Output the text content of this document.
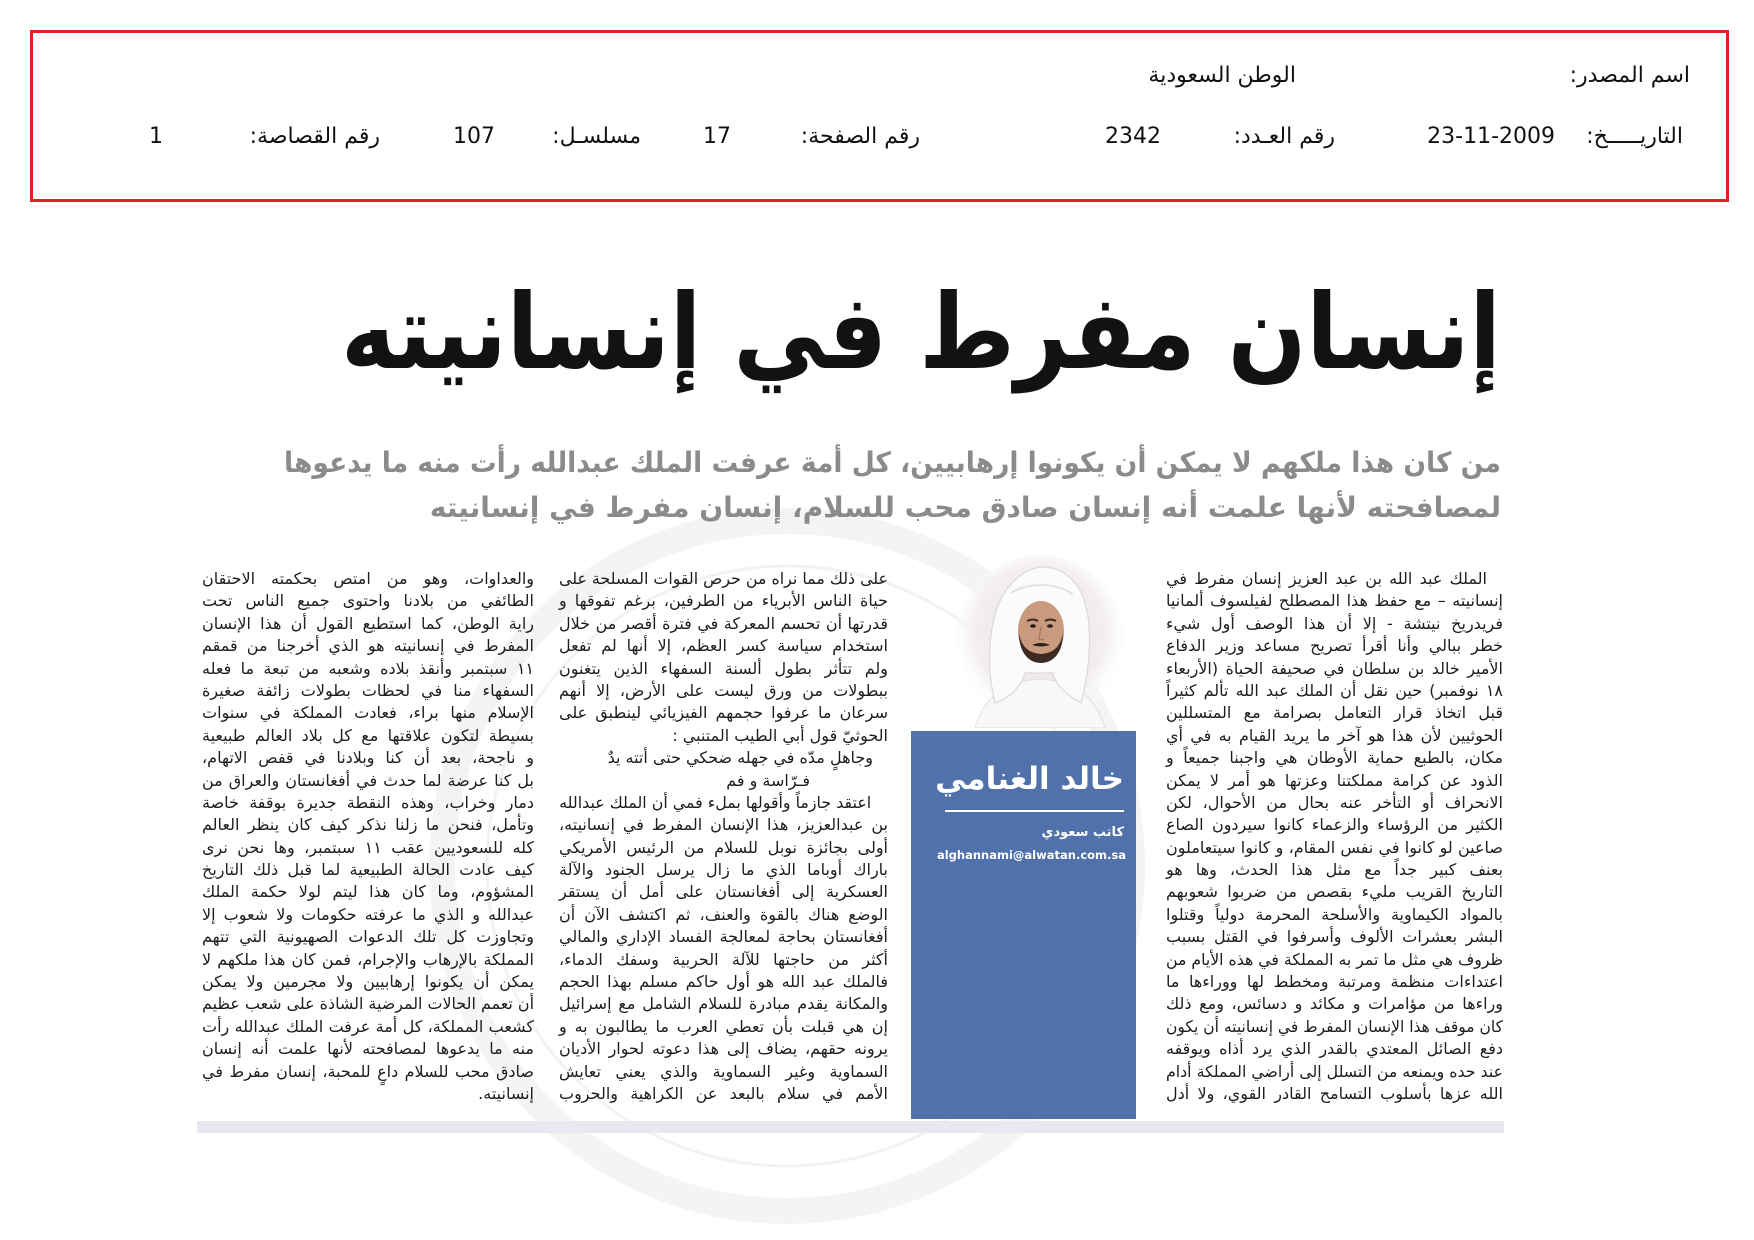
اسم المصدر:
الوطن السعودية
التاريـــــخ:
23-11-2009
رقم العـدد:
2342
رقم الصفحة:
17
مسلسـل:
107
رقم القصاصة:
1
إنسان مفرط في إنسانيته
من كان هذا ملكهم لا يمكن أن يكونوا إرهابيين، كل أمة عرفت الملك عبدالله رأت منه ما يدعوها
لمصافحته لأنها علمت أنه إنسان صادق محب للسلام، إنسان مفرط في إنسانيته
الملك عبد الله بن عبد العزيز إنسان مفرط في
إنسانيته – مع حفظ هذا المصطلح لفيلسوف ألمانيا
فريدريخ نيتشة - إلا أن هذا الوصف أول شيء
خطر ببالي وأنا أقرأ تصريح مساعد وزير الدفاع
الأمير خالد بن سلطان في صحيفة الحياة (الأربعاء
١٨ نوفمبر) حين نقل أن الملك عبد الله تألم كثيراً
قبل اتخاذ قرار التعامل بصرامة مع المتسللين
الحوثيين لأن هذا هو آخر ما يريد القيام به في أي
مكان، بالطبع حماية الأوطان هي واجبنا جميعاً و
الذود عن كرامة مملكتنا وعزتها هو أمر لا يمكن
الانحراف أو التأخر عنه بحال من الأحوال، لكن
الكثير من الرؤساء والزعماء كانوا سيردون الصاع
صاعين لو كانوا في نفس المقام، و كانوا سيتعاملون
بعنف كبير جداً مع مثل هذا الحدث، وها هو
التاريخ القريب مليء بقصص من ضربوا شعوبهم
بالمواد الكيماوية والأسلحة المحرمة دولياً وقتلوا
البشر بعشرات الألوف وأسرفوا في القتل بسبب
ظروف هي مثل ما تمر به المملكة في هذه الأيام من
اعتداءات منظمة ومرتبة ومخطط لها ووراءها ما
وراءها من مؤامرات و مكائد و دسائس، ومع ذلك
كان موقف هذا الإنسان المفرط في إنسانيته أن يكون
دفع الصائل المعتدي بالقدر الذي يرد أذاه ويوقفه
عند حده ويمنعه من التسلل إلى أراضي المملكة أدام
الله عزها بأسلوب التسامح القادر القوي، ولا أدل
على ذلك مما نراه من حرص القوات المسلحة على
حياة الناس الأبرياء من الطرفين، برغم تفوقها و
قدرتها أن تحسم المعركة في فترة أقصر من خلال
استخدام سياسة كسر العظم، إلا أنها لم تفعل
ولم تتأثر بطول ألسنة السفهاء الذين يتغنون
ببطولات من ورق ليست على الأرض، إلا أنهم
سرعان ما عرفوا حجمهم الفيزيائي لينطبق على
الحوثيّ قول أبي الطيب المتنبي :
وجاهلٍ مدّه في جهله ضحكي حتى أتته يدٌ
فـرّاسة و فم
اعتقد جازماً وأقولها بملء فمي أن الملك عبدالله
بن عبدالعزيز، هذا الإنسان المفرط في إنسانيته،
أولى بجائزة نوبل للسلام من الرئيس الأمريكي
باراك أوباما الذي ما زال يرسل الجنود والآلة
العسكرية إلى أفغانستان على أمل أن يستقر
الوضع هناك بالقوة والعنف، ثم اكتشف الآن أن
أفغانستان بحاجة لمعالجة الفساد الإداري والمالي
أكثر من حاجتها للآلة الحربية وسفك الدماء،
فالملك عبد الله هو أول حاكم مسلم بهذا الحجم
والمكانة يقدم مبادرة للسلام الشامل مع إسرائيل
إن هي قبلت بأن تعطي العرب ما يطالبون به و
يرونه حقهم، يضاف إلى هذا دعوته لحوار الأديان
السماوية وغير السماوية والذي يعني تعايش
الأمم في سلام بالبعد عن الكراهية والحروب
والعداوات، وهو من امتص بحكمته الاحتقان
الطائفي من بلادنا واحتوى جميع الناس تحت
راية الوطن، كما استطيع القول أن هذا الإنسان
المفرط في إنسانيته هو الذي أخرجنا من قمقم
١١ سبتمبر وأنقذ بلاده وشعبه من تبعة ما فعله
السفهاء منا في لحظات بطولات زائفة صغيرة
الإسلام منها براء، فعادت المملكة في سنوات
بسيطة لتكون علاقتها مع كل بلاد العالم طبيعية
و ناجحة، بعد أن كنا وبلادنا في قفص الاتهام،
بل كنا عرضة لما حدث في أفغانستان والعراق من
دمار وخراب، وهذه النقطة جديرة بوقفة خاصة
وتأمل، فنحن ما زلنا نذكر كيف كان ينظر العالم
كله للسعوديين عقب ١١ سبتمبر، وها نحن نرى
كيف عادت الحالة الطبيعية لما قبل ذلك التاريخ
المشؤوم، وما كان هذا ليتم لولا حكمة الملك
عبدالله و الذي ما عرفته حكومات ولا شعوب إلا
وتجاوزت كل تلك الدعوات الصهيونية التي تتهم
المملكة بالإرهاب والإجرام، فمن كان هذا ملكهم لا
يمكن أن يكونوا إرهابيين ولا مجرمين ولا يمكن
أن تعمم الحالات المرضية الشاذة على شعب عظيم
كشعب المملكة، كل أمة عرفت الملك عبدالله رأت
منه ما يدعوها لمصافحته لأنها علمت أنه إنسان
صادق محب للسلام داعٍ للمحبة، إنسان مفرط في
إنسانيته.
خالد الغنامي
كاتب سعودي
alghannami@alwatan.com.sa
